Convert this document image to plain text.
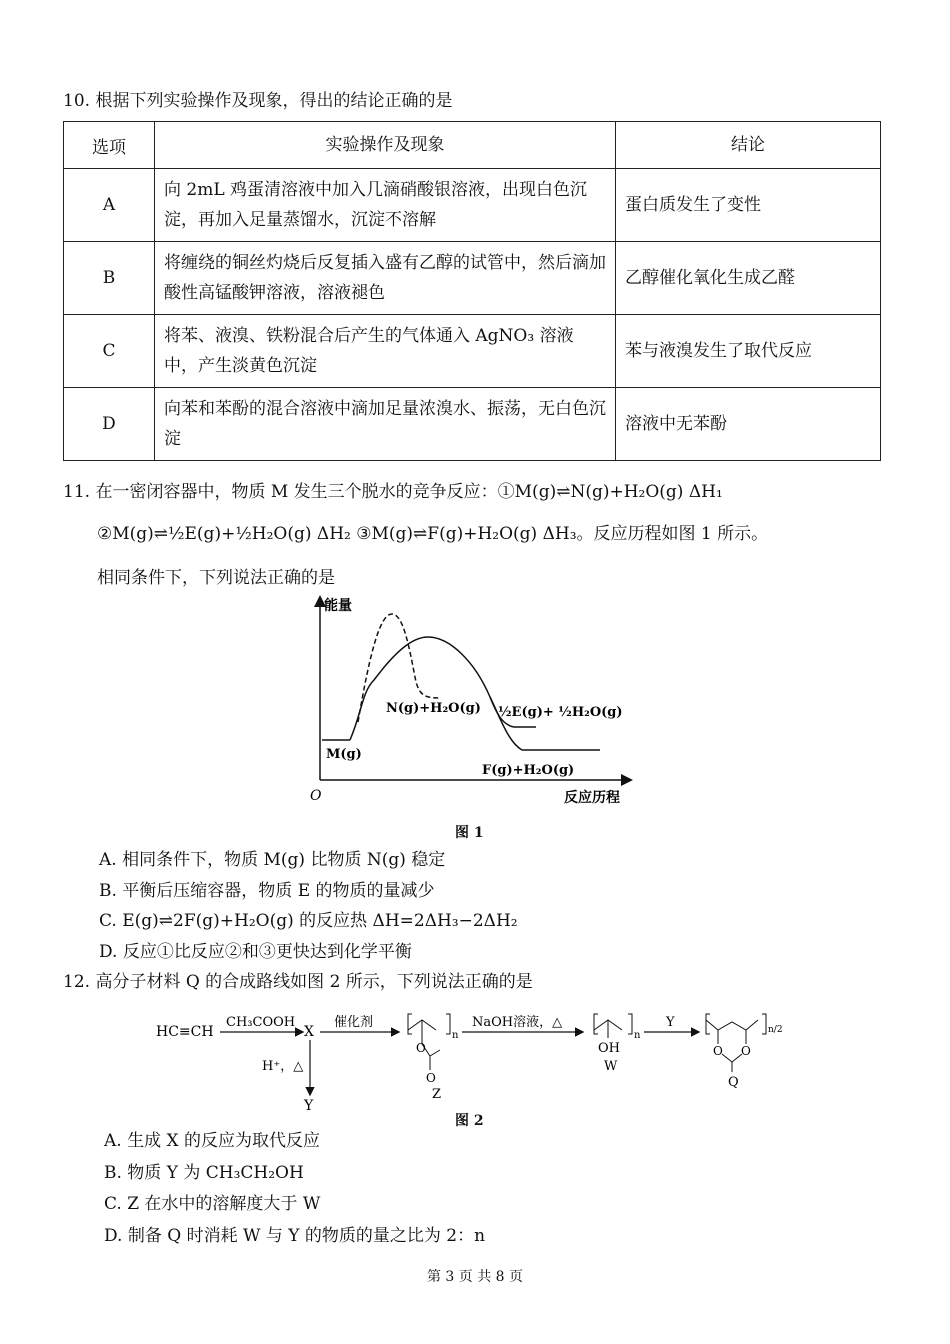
10. 根据下列实验操作及现象，得出的结论正确的是
选项	实验操作及现象	结论
A	向 2mL 鸡蛋清溶液中加入几滴硝酸银溶液，出现白色沉淀，再加入足量蒸馏水，沉淀不溶解	蛋白质发生了变性
B	将缠绕的铜丝灼烧后反复插入盛有乙醇的试管中，然后滴加酸性高锰酸钾溶液，溶液褪色	乙醇催化氧化生成乙醛
C	将苯、液溴、铁粉混合后产生的气体通入 AgNO₃ 溶液中，产生淡黄色沉淀	苯与液溴发生了取代反应
D	向苯和苯酚的混合溶液中滴加足量浓溴水、振荡，无白色沉淀	溶液中无苯酚
11. 在一密闭容器中，物质 M 发生三个脱水的竞争反应：①M(g)⇌N(g)+H₂O(g) ΔH₁
②M(g)⇌½E(g)+½H₂O(g) ΔH₂ ③M(g)⇌F(g)+H₂O(g) ΔH₃。反应历程如图 1 所示。
相同条件下，下列说法正确的是
能量
反应历程
O
M(g)
N(g)+H₂O(g) ½E(g)+ ½H₂O(g)
F(g)+H₂O(g)
图 1
A. 相同条件下，物质 M(g) 比物质 N(g) 稳定
B. 平衡后压缩容器，物质 E 的物质的量减少
C. E(g)⇌2F(g)+H₂O(g) 的反应热 ΔH=2ΔH₃−2ΔH₂
D. 反应①比反应②和③更快达到化学平衡
12. 高分子材料 Q 的合成路线如图 2 所示，下列说法正确的是
HC≡CH
CH₃COOH
X
催化剂
H⁺，△
Y
n
O
O
Z
NaOH溶液，△
n
OH
W
Y
O O
n/2
Q
图 2
A. 生成 X 的反应为取代反应
B. 物质 Y 为 CH₃CH₂OH
C. Z 在水中的溶解度大于 W
D. 制备 Q 时消耗 W 与 Y 的物质的量之比为 2：n
第 3 页 共 8 页
